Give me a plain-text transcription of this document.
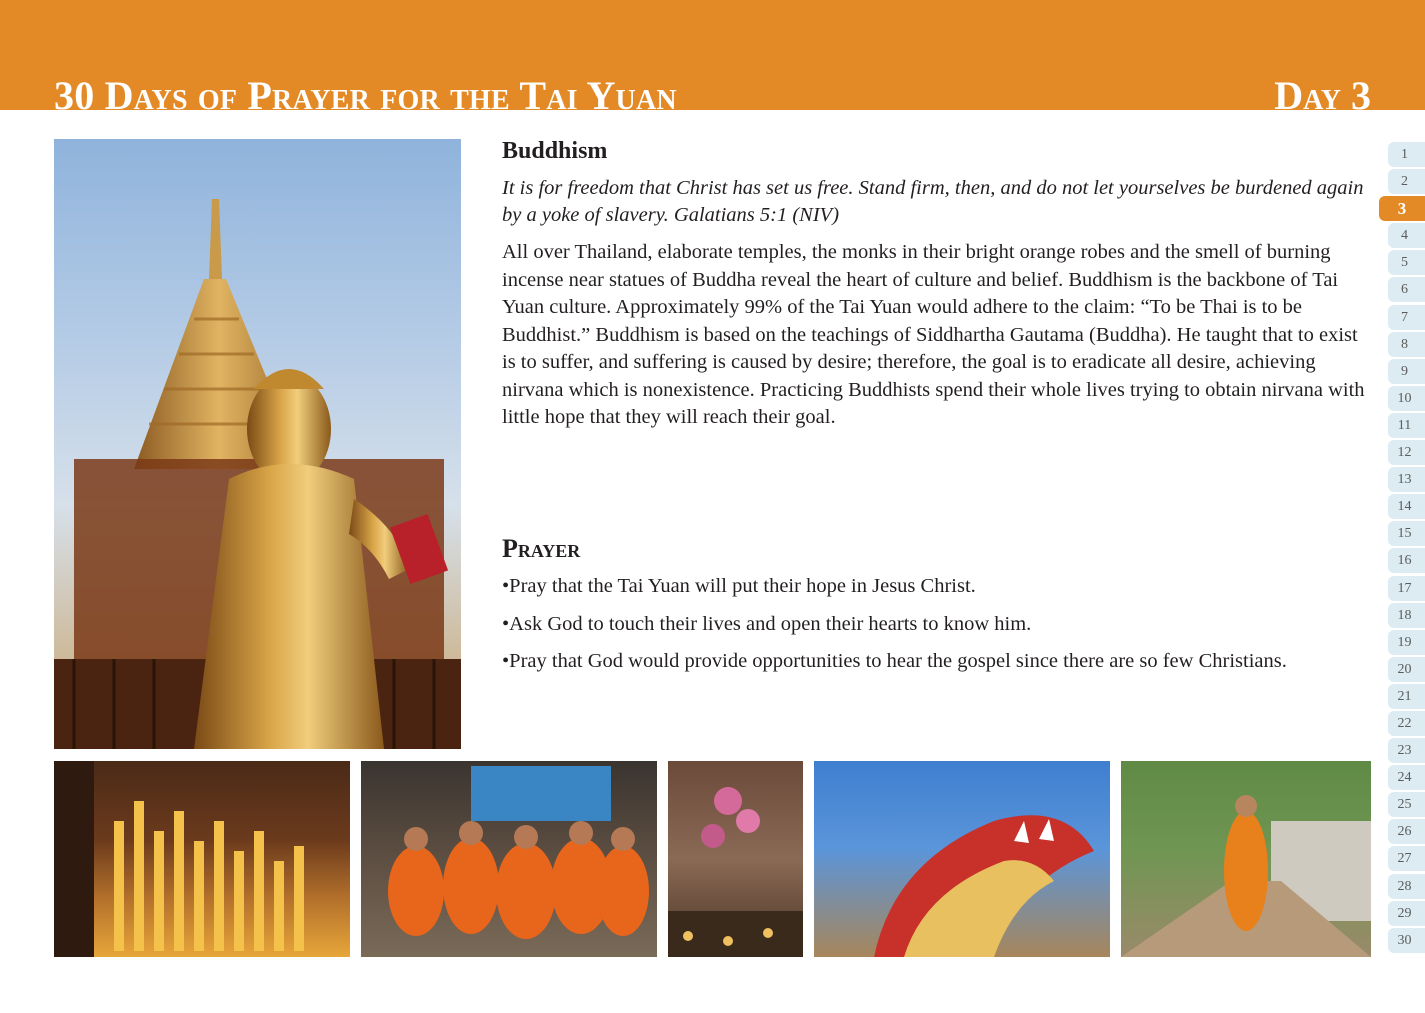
30 Days of Prayer for the Tai Yuan	Day 3
Buddhism

It is for freedom that Christ has set us free. Stand firm, then, and do not let yourselves be burdened again by a yoke of slavery. Galatians 5:1 (NIV)

All over Thailand, elaborate temples, the monks in their bright orange robes and the smell of burning incense near statues of Buddha reveal the heart of culture and belief. Buddhism is the backbone of Tai Yuan culture. Approximately 99% of the Tai Yuan would adhere to the claim: “To be Thai is to be Buddhist.” Buddhism is based on the teachings of Siddhartha Gautama (Buddha). He taught that to exist is to suffer, and suffering is caused by desire; therefore, the goal is to eradicate all desire, achieving nirvana which is nonexistence. Practicing Buddhists spend their whole lives trying to obtain nirvana with little hope that they will reach their goal.

Prayer
•Pray that the Tai Yuan will put their hope in Jesus Christ.
•Ask God to touch their lives and open their hearts to know him.
•Pray that God would provide opportunities to hear the gospel since there are so few Christians.
1
2
3
4
5
6
7
8
9
10
11
12
13
14
15
16
17
18
19
20
21
22
23
24
25
26
27
28
29
30
